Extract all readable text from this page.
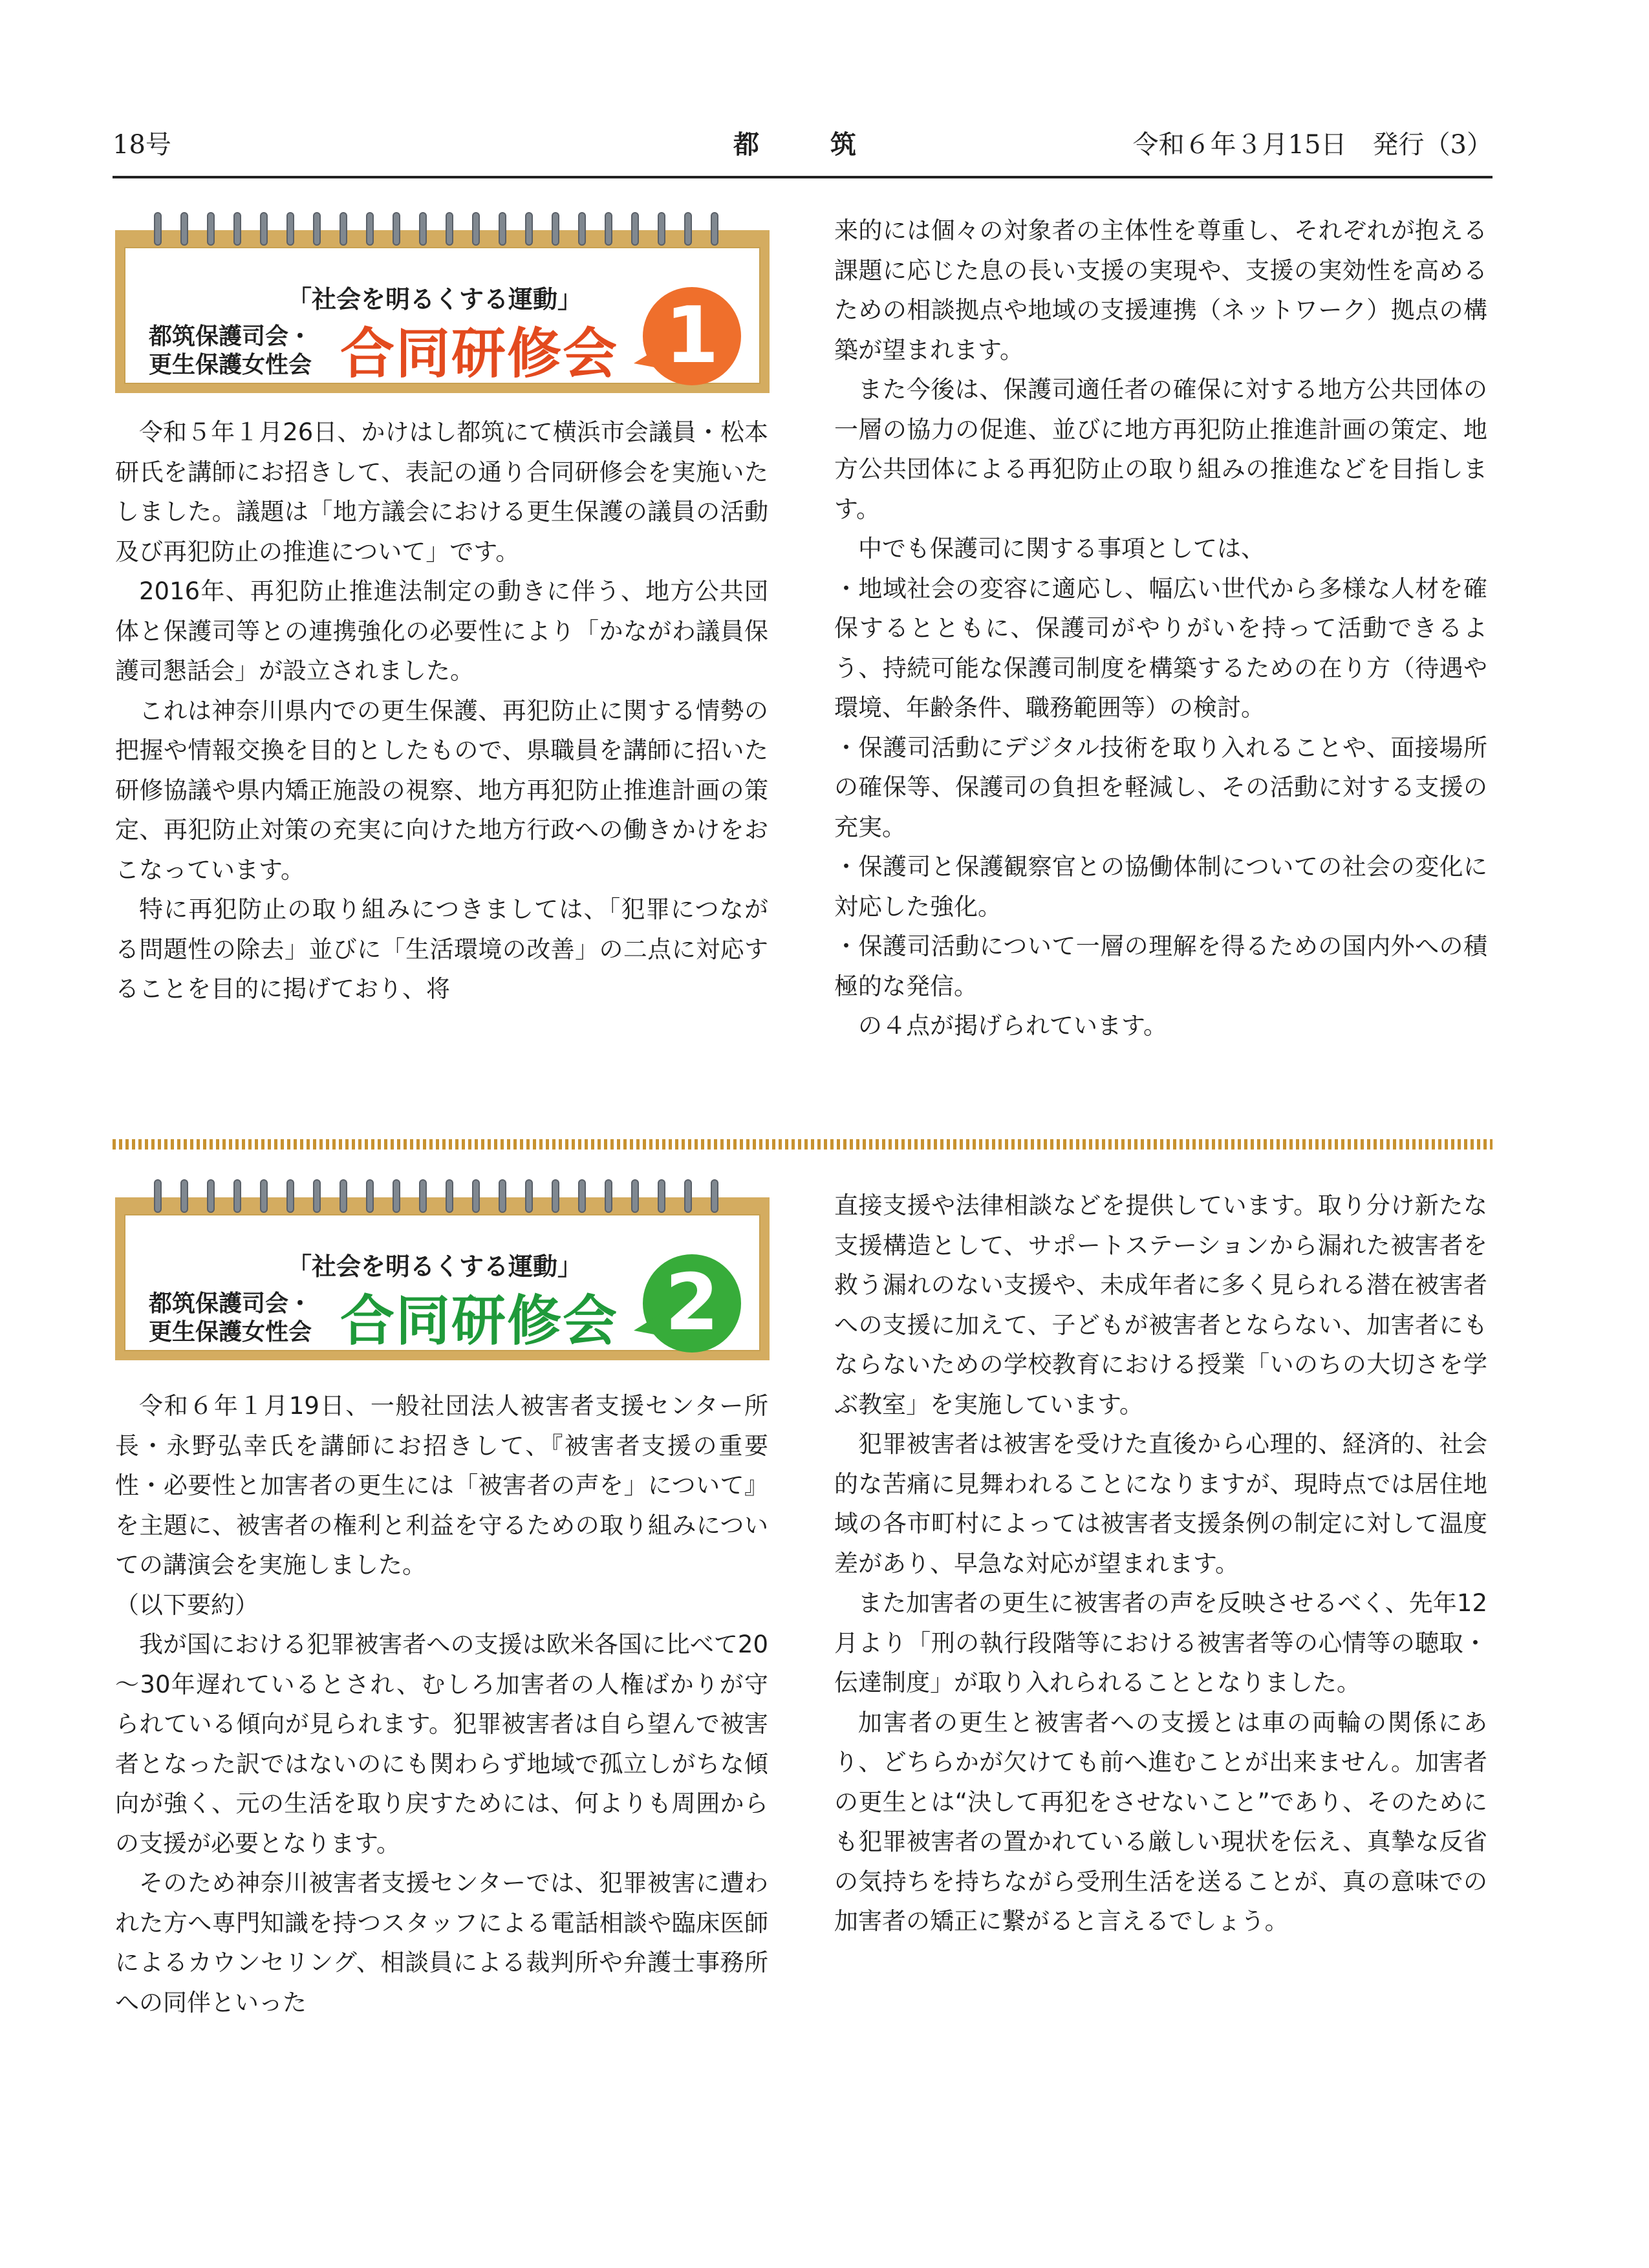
18号	都筑	令和６年３月15日　発行（3）
「社会を明るくする運動」
都筑保護司会・
更生保護女性会 合同研修会 1

令和５年１月26日、かけはし都筑にて横浜市会議員・松本研氏を講師にお招きして、表記の通り合同研修会を実施いたしました。議題は「地方議会における更生保護の議員の活動及び再犯防止の推進について」です。

2016年、再犯防止推進法制定の動きに伴う、地方公共団体と保護司等との連携強化の必要性により「かながわ議員保護司懇話会」が設立されました。

これは神奈川県内での更生保護、再犯防止に関する情勢の把握や情報交換を目的としたもので、県職員を講師に招いた研修協議や県内矯正施設の視察、地方再犯防止推進計画の策定、再犯防止対策の充実に向けた地方行政への働きかけをおこなっています。

特に再犯防止の取り組みにつきましては、「犯罪につながる問題性の除去」並びに「生活環境の改善」の二点に対応することを目的に掲げており、将

来的には個々の対象者の主体性を尊重し、それぞれが抱える課題に応じた息の長い支援の実現や、支援の実効性を高めるための相談拠点や地域の支援連携（ネットワーク）拠点の構築が望まれます。

また今後は、保護司適任者の確保に対する地方公共団体の一層の協力の促進、並びに地方再犯防止推進計画の策定、地方公共団体による再犯防止の取り組みの推進などを目指します。

中でも保護司に関する事項としては、

・地域社会の変容に適応し、幅広い世代から多様な人材を確保するとともに、保護司がやりがいを持って活動できるよう、持続可能な保護司制度を構築するための在り方（待遇や環境、年齢条件、職務範囲等）の検討。

・保護司活動にデジタル技術を取り入れることや、面接場所の確保等、保護司の負担を軽減し、その活動に対する支援の充実。

・保護司と保護観察官との協働体制についての社会の変化に対応した強化。

・保護司活動について一層の理解を得るための国内外への積極的な発信。

の４点が掲げられています。

「社会を明るくする運動」
都筑保護司会・
更生保護女性会 合同研修会 2

令和６年１月19日、一般社団法人被害者支援センター所長・永野弘幸氏を講師にお招きして、『被害者支援の重要性・必要性と加害者の更生には「被害者の声を」について』を主題に、被害者の権利と利益を守るための取り組みについての講演会を実施しました。

（以下要約）

我が国における犯罪被害者への支援は欧米各国に比べて20～30年遅れているとされ、むしろ加害者の人権ばかりが守られている傾向が見られます。犯罪被害者は自ら望んで被害者となった訳ではないのにも関わらず地域で孤立しがちな傾向が強く、元の生活を取り戻すためには、何よりも周囲からの支援が必要となります。

そのため神奈川被害者支援センターでは、犯罪被害に遭われた方へ専門知識を持つスタッフによる電話相談や臨床医師によるカウンセリング、相談員による裁判所や弁護士事務所への同伴といった

直接支援や法律相談などを提供しています。取り分け新たな支援構造として、サポートステーションから漏れた被害者を救う漏れのない支援や、未成年者に多く見られる潜在被害者への支援に加えて、子どもが被害者とならない、加害者にもならないための学校教育における授業「いのちの大切さを学ぶ教室」を実施しています。

犯罪被害者は被害を受けた直後から心理的、経済的、社会的な苦痛に見舞われることになりますが、現時点では居住地域の各市町村によっては被害者支援条例の制定に対して温度差があり、早急な対応が望まれます。

また加害者の更生に被害者の声を反映させるべく、先年12月より「刑の執行段階等における被害者等の心情等の聴取・伝達制度」が取り入れられることとなりました。

加害者の更生と被害者への支援とは車の両輪の関係にあり、どちらかが欠けても前へ進むことが出来ません。加害者の更生とは“決して再犯をさせないこと”であり、そのためにも犯罪被害者の置かれている厳しい現状を伝え、真摯な反省の気持ちを持ちながら受刑生活を送ることが、真の意味での加害者の矯正に繋がると言えるでしょう。
